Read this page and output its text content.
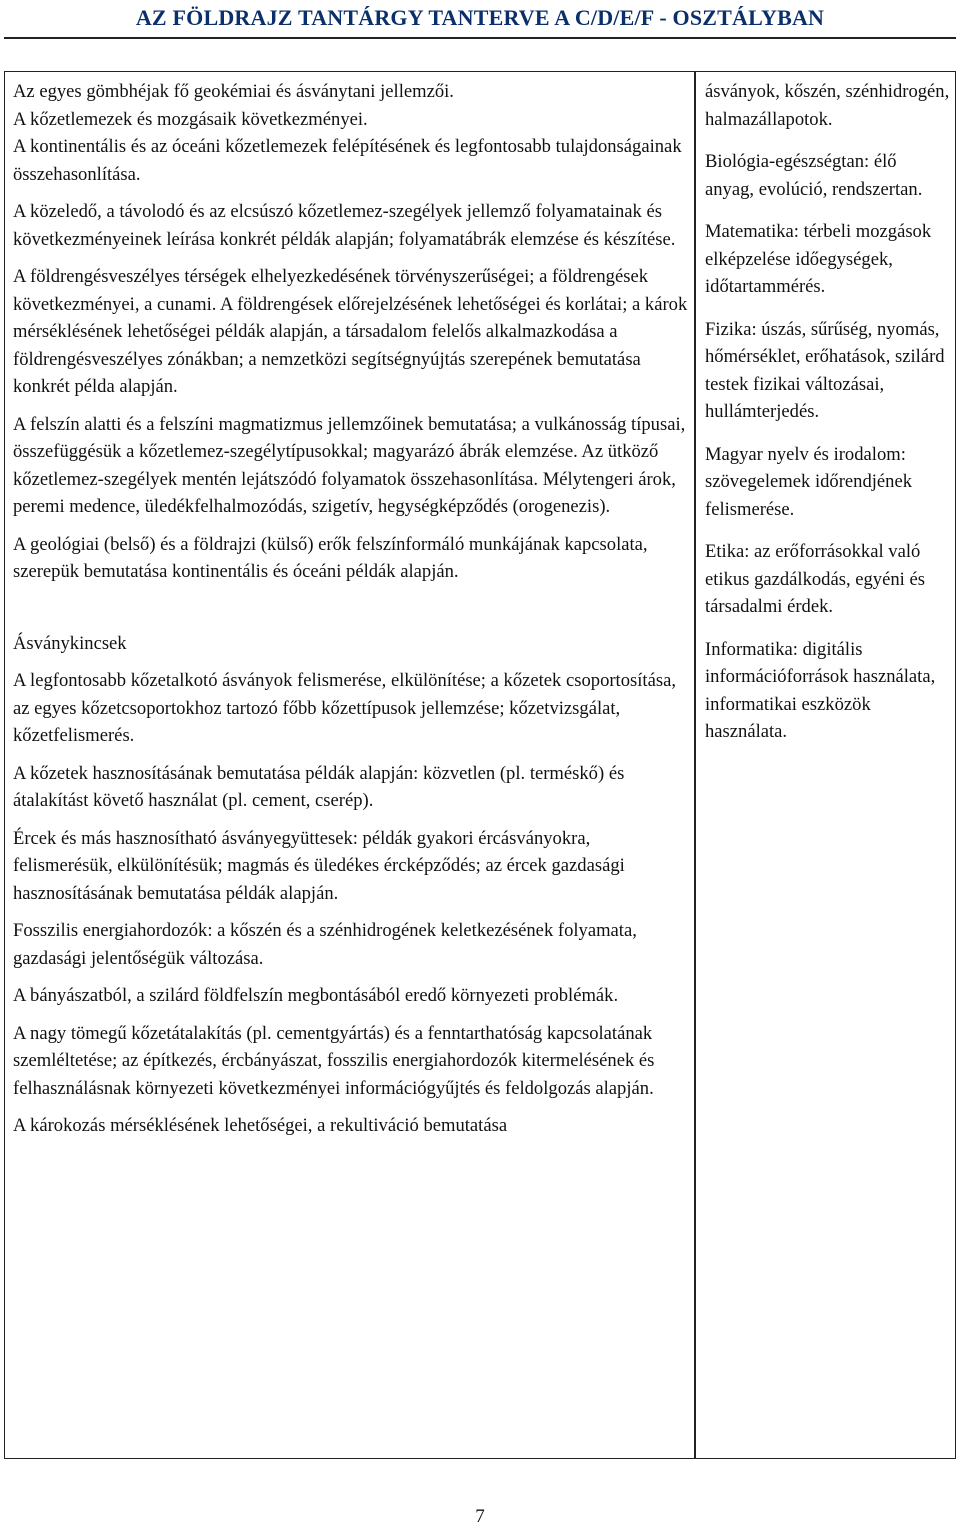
AZ FÖLDRAJZ TANTÁRGY TANTERVE A C/D/E/F - OSZTÁLYBAN

Az egyes gömbhéjak fő geokémiai és ásványtani jellemzői.

A kőzetlemezek és mozgásaik következményei.

A kontinentális és az óceáni kőzetlemezek felépítésének és legfontosabb tulajdonságainak összehasonlítása.

A közeledő, a távolodó és az elcsúszó kőzetlemez-szegélyek jellemző folyamatainak és következményeinek leírása konkrét példák alapján; folyamatábrák elemzése és készítése.

A földrengésveszélyes térségek elhelyezkedésének törvényszerűségei; a földrengések következményei, a cunami. A földrengések előrejelzésének lehetőségei és korlátai; a károk mérséklésének lehetőségei példák alapján, a társadalom felelős alkalmazkodása a földrengésveszélyes zónákban; a nemzetközi segítségnyújtás szerepének bemutatása konkrét példa alapján.

A felszín alatti és a felszíni magmatizmus jellemzőinek bemutatása; a vulkánosság típusai, összefüggésük a kőzetlemez-szegélytípusokkal; magyarázó ábrák elemzése. Az ütköző kőzetlemez-szegélyek mentén lejátszódó folyamatok összehasonlítása. Mélytengeri árok, peremi medence, üledékfelhalmozódás, szigetív, hegységképződés (orogenezis).

A geológiai (belső) és a földrajzi (külső) erők felszínformáló munkájának kapcsolata, szerepük bemutatása kontinentális és óceáni példák alapján.

Ásványkincsek

A legfontosabb kőzetalkotó ásványok felismerése, elkülönítése; a kőzetek csoportosítása, az egyes kőzetcsoportokhoz tartozó főbb kőzettípusok jellemzése; kőzetvizsgálat, kőzetfelismerés.

A kőzetek hasznosításának bemutatása példák alapján: közvetlen (pl. terméskő) és átalakítást követő használat (pl. cement, cserép).

Ércek és más hasznosítható ásványegyüttesek: példák gyakori ércásványokra, felismerésük, elkülönítésük; magmás és üledékes ércképződés; az ércek gazdasági hasznosításának bemutatása példák alapján.

Fosszilis energiahordozók: a kőszén és a szénhidrogének keletkezésének folyamata, gazdasági jelentőségük változása.

A bányászatból, a szilárd földfelszín megbontásából eredő környezeti problémák.

A nagy tömegű kőzetátalakítás (pl. cementgyártás) és a fenntarthatóság kapcsolatának szemléltetése; az építkezés, ércbányászat, fosszilis energiahordozók kitermelésének és felhasználásnak környezeti következményei információgyűjtés és feldolgozás alapján.

A károkozás mérséklésének lehetőségei, a rekultiváció bemutatása

ásványok, kőszén, szénhidrogén, halmazállapotok.

Biológia-egészségtan: élő anyag, evolúció, rendszertan.

Matematika: térbeli mozgások elképzelése időegységek, időtartammérés.

Fizika: úszás, sűrűség, nyomás, hőmérséklet, erőhatások, szilárd testek fizikai változásai, hullámterjedés.

Magyar nyelv és irodalom: szövegelemek időrendjének felismerése.

Etika: az erőforrásokkal való etikus gazdálkodás, egyéni és társadalmi érdek.

Informatika: digitális információforrások használata, informatikai eszközök használata.

7
